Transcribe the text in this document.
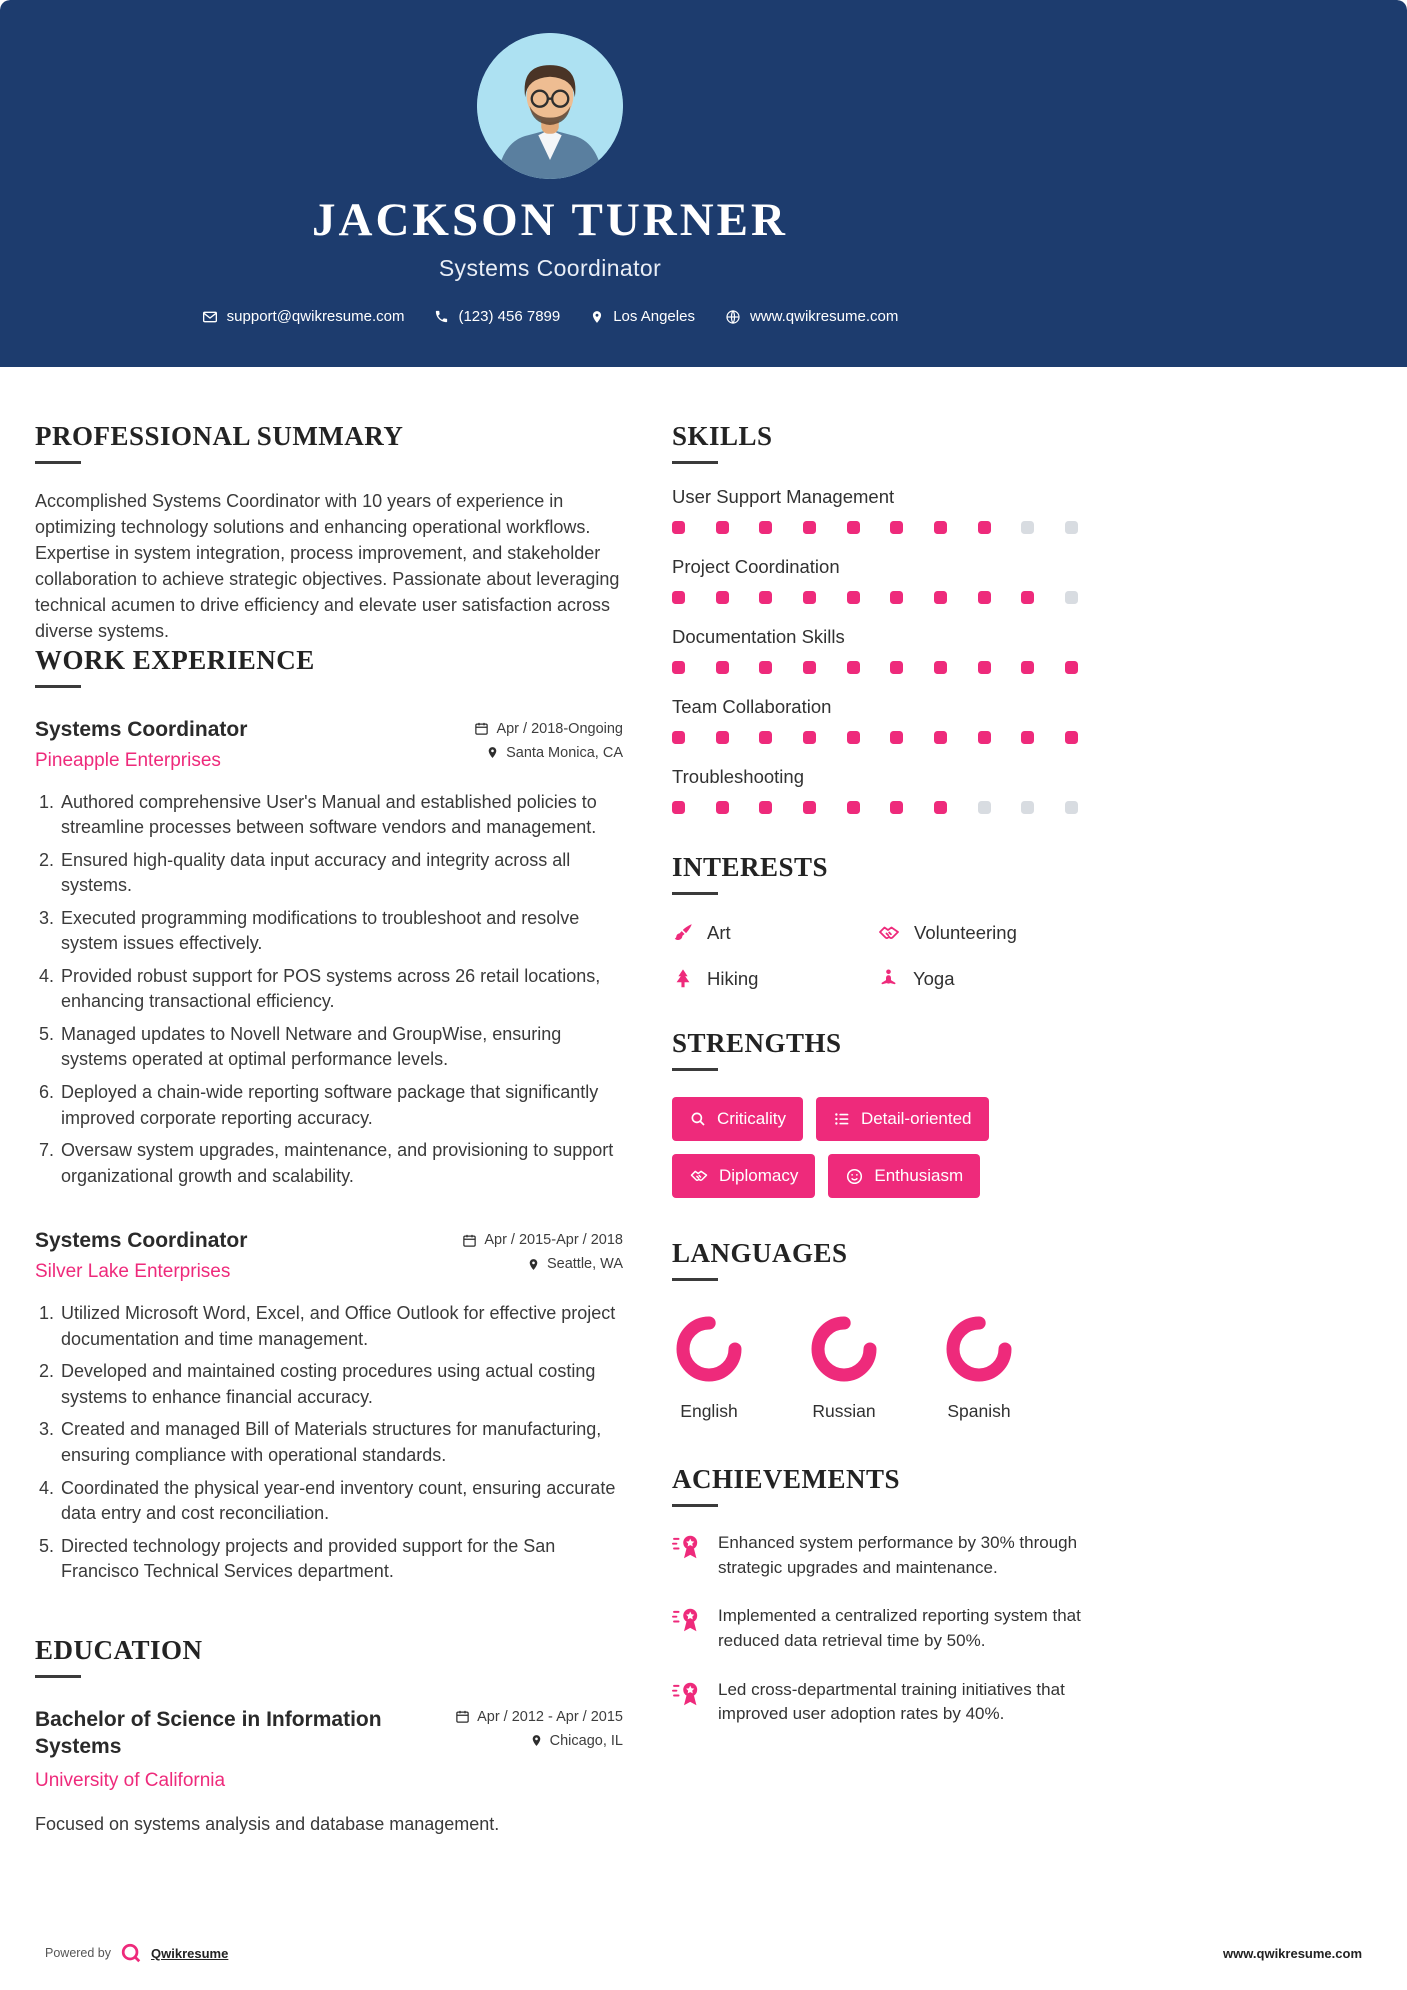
JACKSON TURNER
Systems Coordinator
support@qwikresume.com	(123) 456 7899	Los Angeles	www.qwikresume.com
PROFESSIONAL SUMMARY
Accomplished Systems Coordinator with 10 years of experience in optimizing technology solutions and enhancing operational workflows. Expertise in system integration, process improvement, and stakeholder collaboration to achieve strategic objectives. Passionate about leveraging technical acumen to drive efficiency and elevate user satisfaction across diverse systems.
WORK EXPERIENCE
Systems Coordinator
Pineapple Enterprises
Apr / 2018-Ongoing
Santa Monica, CA
1. Authored comprehensive User's Manual and established policies to streamline processes between software vendors and management.
2. Ensured high-quality data input accuracy and integrity across all systems.
3. Executed programming modifications to troubleshoot and resolve system issues effectively.
4. Provided robust support for POS systems across 26 retail locations, enhancing transactional efficiency.
5. Managed updates to Novell Netware and GroupWise, ensuring systems operated at optimal performance levels.
6. Deployed a chain-wide reporting software package that significantly improved corporate reporting accuracy.
7. Oversaw system upgrades, maintenance, and provisioning to support organizational growth and scalability.
Systems Coordinator
Silver Lake Enterprises
Apr / 2015-Apr / 2018
Seattle, WA
1. Utilized Microsoft Word, Excel, and Office Outlook for effective project documentation and time management.
2. Developed and maintained costing procedures using actual costing systems to enhance financial accuracy.
3. Created and managed Bill of Materials structures for manufacturing, ensuring compliance with operational standards.
4. Coordinated the physical year-end inventory count, ensuring accurate data entry and cost reconciliation.
5. Directed technology projects and provided support for the San Francisco Technical Services department.
EDUCATION
Bachelor of Science in Information Systems
University of California
Apr / 2012 - Apr / 2015
Chicago, IL
Focused on systems analysis and database management.
SKILLS
User Support Management
Project Coordination
Documentation Skills
Team Collaboration
Troubleshooting
INTERESTS
Art	Volunteering
Hiking	Yoga
STRENGTHS
Criticality	Detail-oriented
Diplomacy	Enthusiasm
LANGUAGES
English	Russian	Spanish
ACHIEVEMENTS
Enhanced system performance by 30% through strategic upgrades and maintenance.
Implemented a centralized reporting system that reduced data retrieval time by 50%.
Led cross-departmental training initiatives that improved user adoption rates by 40%.
Powered by	Qwikresume	www.qwikresume.com
